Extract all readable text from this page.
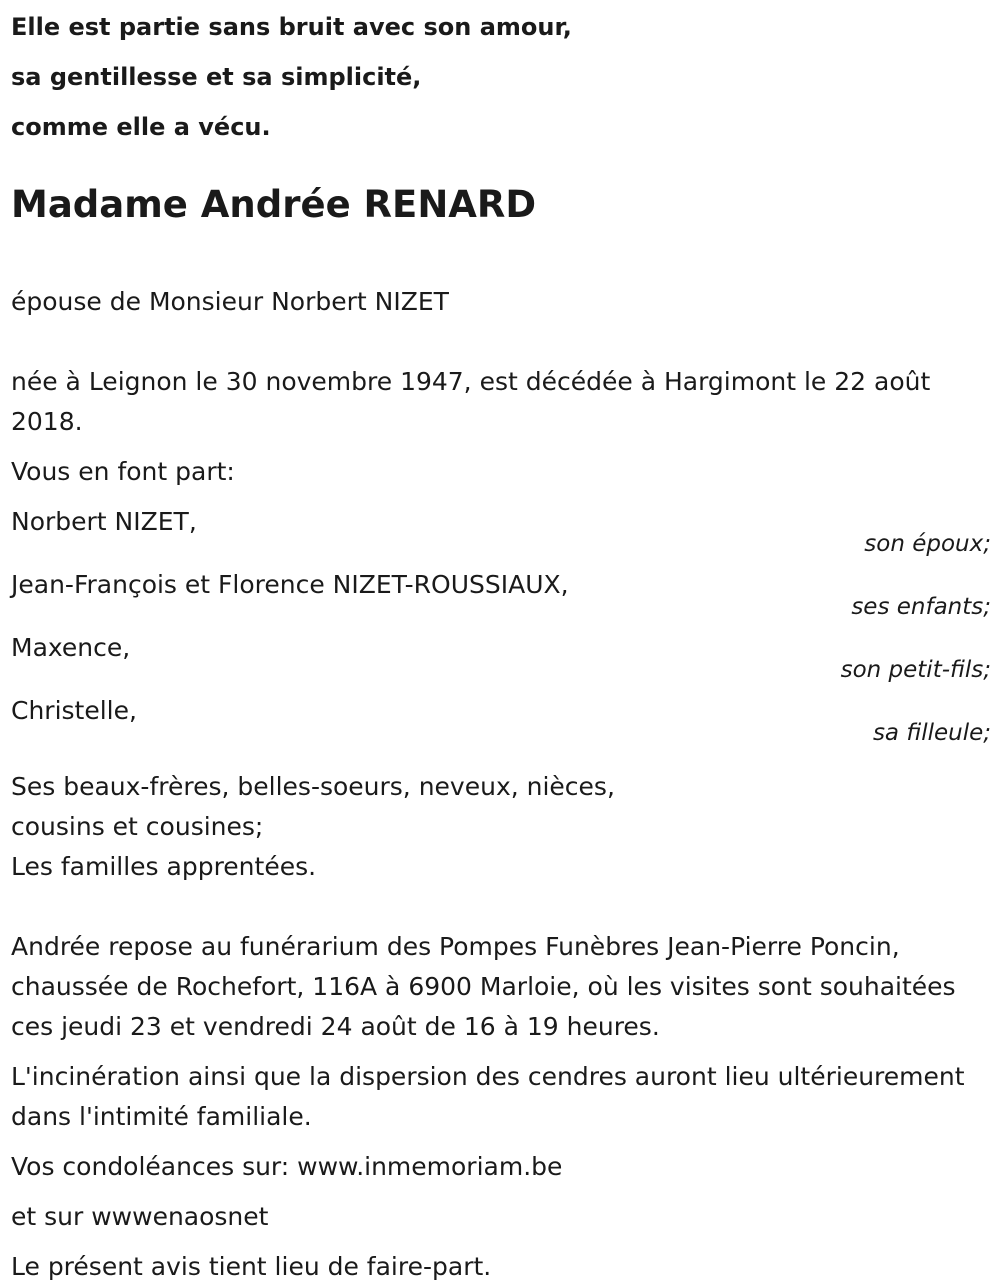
Elle est partie sans bruit avec son amour,
sa gentillesse et sa simplicité,
comme elle a vécu.
Madame Andrée RENARD
épouse de Monsieur Norbert NIZET
née à Leignon le 30 novembre 1947, est décédée à Hargimont le 22 août 2018.
Vous en font part:
Norbert NIZET,
son époux;
Jean-François et Florence NIZET-ROUSSIAUX,
ses enfants;
Maxence,
son petit-fils;
Christelle,
sa filleule;
Ses beaux-frères, belles-soeurs, neveux, nièces,
cousins et cousines;
Les familles apprentées.
Andrée repose au funérarium des Pompes Funèbres Jean-Pierre Poncin, chaussée de Rochefort, 116A à 6900 Marloie, où les visites sont souhaitées ces jeudi 23 et vendredi 24 août de 16 à 19 heures.
L'incinération ainsi que la dispersion des cendres auront lieu ultérieurement dans l'intimité familiale.
Vos condoléances sur: www.inmemoriam.be
et sur wwwenaosnet
Le présent avis tient lieu de faire-part.
